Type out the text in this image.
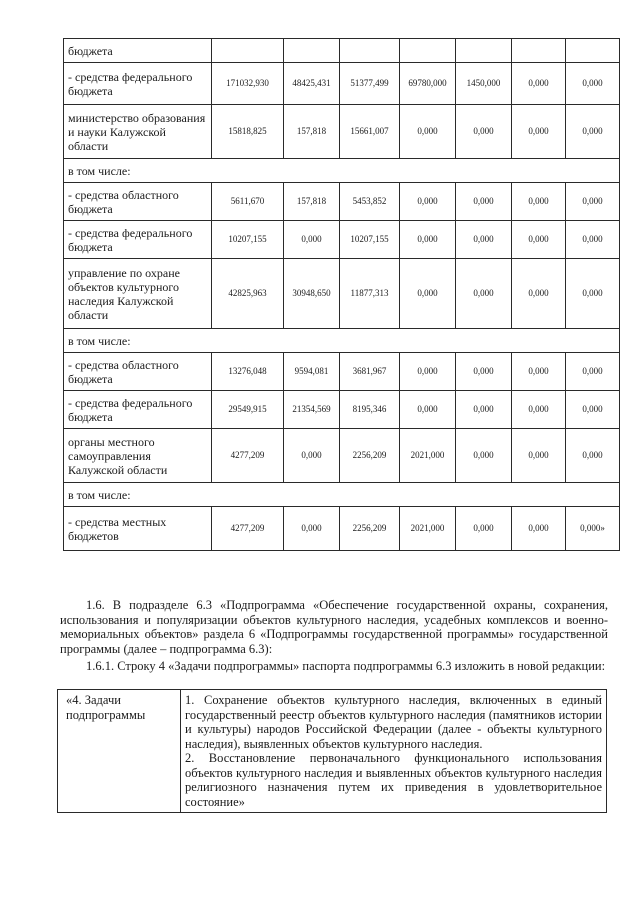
бюджета							
- средства федерального бюджета	171032,930	48425,431	51377,499	69780,000	1450,000	0,000	0,000
министерство образования и науки Калужской области	15818,825	157,818	15661,007	0,000	0,000	0,000	0,000
в том числе:							
- средства областного бюджета	5611,670	157,818	5453,852	0,000	0,000	0,000	0,000
- средства федерального бюджета	10207,155	0,000	10207,155	0,000	0,000	0,000	0,000
управление по охране объектов культурного наследия Калужской области	42825,963	30948,650	11877,313	0,000	0,000	0,000	0,000
в том числе:							
- средства областного бюджета	13276,048	9594,081	3681,967	0,000	0,000	0,000	0,000
- средства федерального бюджета	29549,915	21354,569	8195,346	0,000	0,000	0,000	0,000
органы местного самоуправления Калужской области	4277,209	0,000	2256,209	2021,000	0,000	0,000	0,000
в том числе:							
- средства местных бюджетов	4277,209	0,000	2256,209	2021,000	0,000	0,000	0,000»
1.6. В подразделе 6.3 «Подпрограмма «Обеспечение государственной охраны, сохранения, использования и популяризации объектов культурного наследия, усадебных комплексов и военно-мемориальных объектов» раздела 6 «Подпрограммы государственной программы» государственной программы (далее – подпрограмма 6.3):
1.6.1. Строку 4 «Задачи подпрограммы» паспорта подпрограммы 6.3 изложить в новой редакции:
«4. Задачи подпрограммы	

1. Сохранение объектов культурного наследия, включенных в единый государственный реестр объектов культурного наследия (памятников истории и культуры) народов Российской Федерации (далее - объекты культурного наследия), выявленных объектов культурного наследия.

2. Восстановление первоначального функционального использования объектов культурного наследия и выявленных объектов культурного наследия религиозного назначения путем их приведения в удовлетворительное состояние»
